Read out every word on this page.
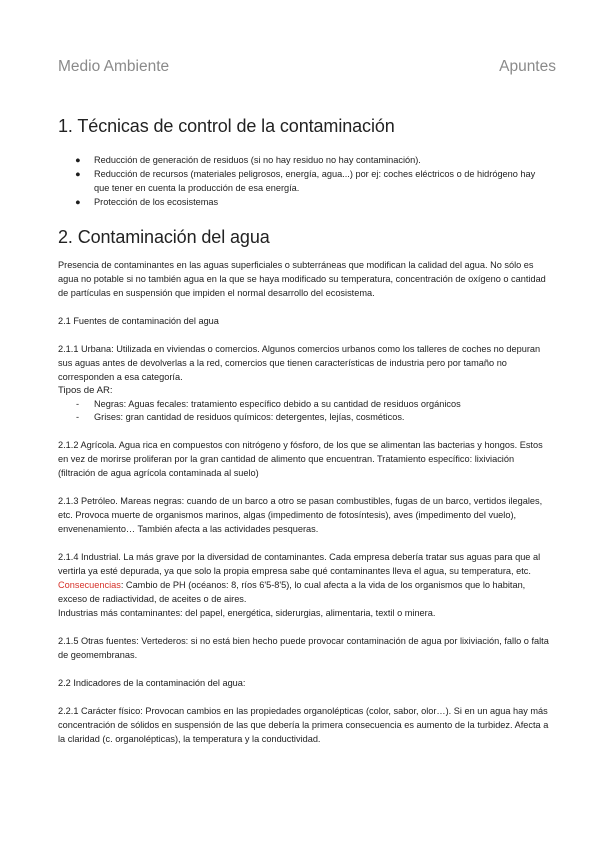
Medio Ambiente	Apuntes
1. Técnicas de control de la contaminación
● Reducción de generación de residuos (si no hay residuo no hay contaminación).
● Reducción de recursos (materiales peligrosos, energía, agua...) por ej: coches eléctricos o de hidrógeno hay que tener en cuenta la producción de esa energía.
● Protección de los ecosistemas
2. Contaminación del agua

Presencia de contaminantes en las aguas superficiales o subterráneas que modifican la calidad del agua. No sólo es agua no potable si no también agua en la que se haya modificado su temperatura, concentración de oxígeno o cantidad de partículas en suspensión que impiden el normal desarrollo del ecosistema.

2.1 Fuentes de contaminación del agua

2.1.1 Urbana: Utilizada en viviendas o comercios. Algunos comercios urbanos como los talleres de coches no depuran sus aguas antes de devolverlas a la red, comercios que tienen características de industria pero por tamaño no corresponden a esa categoría.

Tipos de AR:

- Negras: Aguas fecales: tratamiento específico debido a su cantidad de residuos orgánicos
- Grises: gran cantidad de residuos químicos: detergentes, lejías, cosméticos.

2.1.2 Agrícola. Agua rica en compuestos con nitrógeno y fósforo, de los que se alimentan las bacterias y hongos. Estos en vez de morirse proliferan por la gran cantidad de alimento que encuentran. Tratamiento específico: lixiviación (filtración de agua agrícola contaminada al suelo)

2.1.3 Petróleo. Mareas negras: cuando de un barco a otro se pasan combustibles, fugas de un barco, vertidos ilegales, etc. Provoca muerte de organismos marinos, algas (impedimento de fotosíntesis), aves (impedimento del vuelo), envenenamiento… También afecta a las actividades pesqueras.

2.1.4 Industrial. La más grave por la diversidad de contaminantes. Cada empresa debería tratar sus aguas para que al vertirla ya esté depurada, ya que solo la propia empresa sabe qué contaminantes lleva el agua, su temperatura, etc.

Consecuencias: Cambio de PH (océanos: 8, ríos 6'5-8'5), lo cual afecta a la vida de los organismos que lo habitan, exceso de radiactividad, de aceites o de aires.

Industrias más contaminantes: del papel, energética, siderurgias, alimentaria, textil o minera.

2.1.5 Otras fuentes: Vertederos: si no está bien hecho puede provocar contaminación de agua por lixiviación, fallo o falta de geomembranas.

2.2 Indicadores de la contaminación del agua:

2.2.1 Carácter físico: Provocan cambios en las propiedades organolépticas (color, sabor, olor…). Si en un agua hay más concentración de sólidos en suspensión de las que debería la primera consecuencia es aumento de la turbidez. Afecta a la claridad (c. organolépticas), la temperatura y la conductividad.
